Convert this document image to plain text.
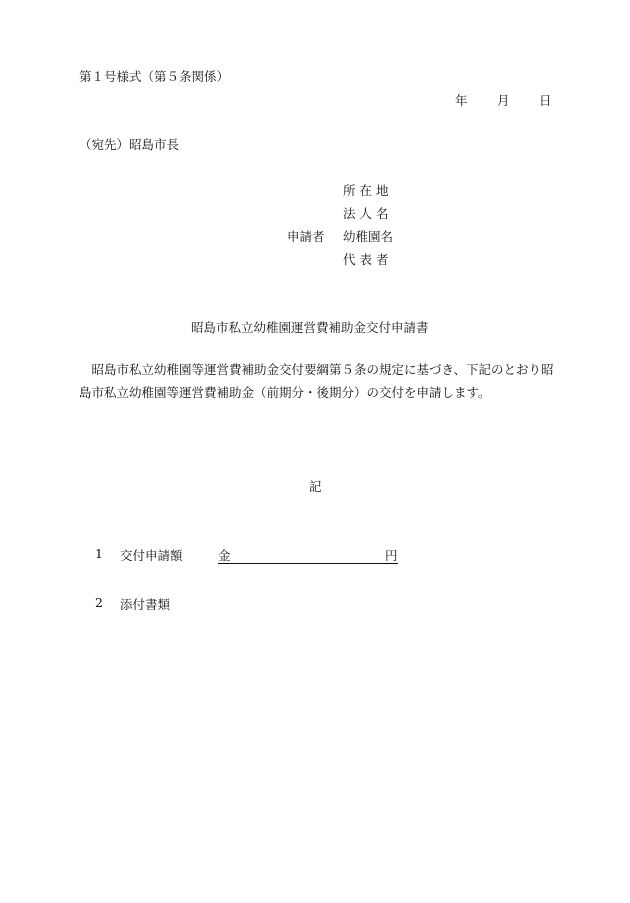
第１号様式（第５条関係）
年 月 日
（宛先）昭島市長
所 在 地
法 人 名
申請者 幼稚園名
代 表 者
昭島市私立幼稚園運営費補助金交付申請書
昭島市私立幼稚園等運営費補助金交付要綱第５条の規定に基づき、下記のとおり昭島市私立幼稚園等運営費補助金（前期分・後期分）の交付を申請します。
記
1 交付申請額	金	円
2 添付書類
